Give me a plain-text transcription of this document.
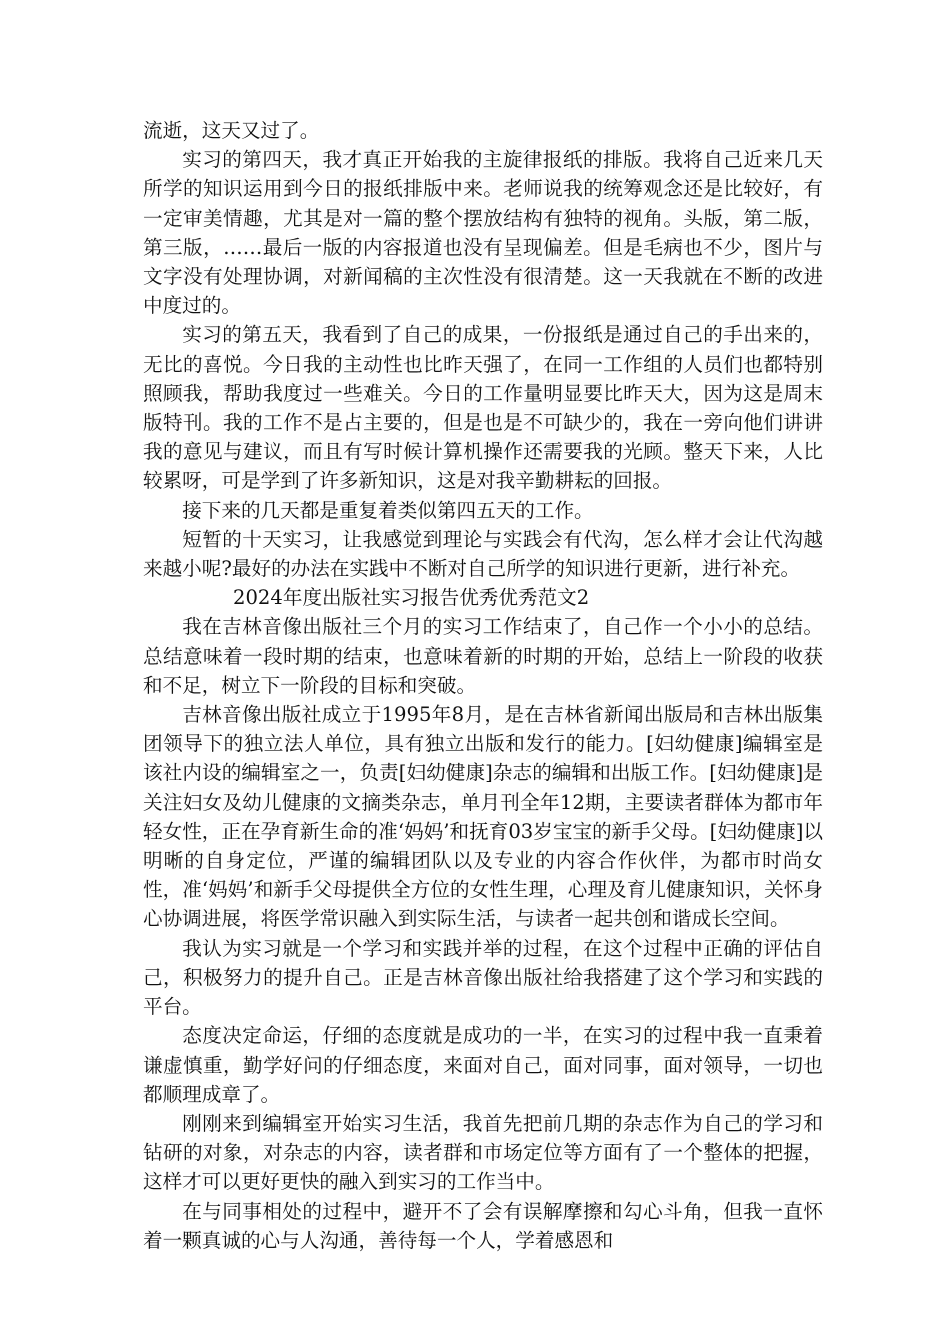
流逝，这天又过了。

实习的第四天，我才真正开始我的主旋律报纸的排版。我将自己近来几天所学的知识运用到今日的报纸排版中来。老师说我的统筹观念还是比较好，有一定审美情趣，尤其是对一篇的整个摆放结构有独特的视角。头版，第二版，第三版，……最后一版的内容报道也没有呈现偏差。但是毛病也不少，图片与文字没有处理协调，对新闻稿的主次性没有很清楚。这一天我就在不断的改进中度过的。

实习的第五天，我看到了自己的成果，一份报纸是通过自己的手出来的，无比的喜悦。今日我的主动性也比昨天强了，在同一工作组的人员们也都特别照顾我，帮助我度过一些难关。今日的工作量明显要比昨天大，因为这是周末版特刊。我的工作不是占主要的，但是也是不可缺少的，我在一旁向他们讲讲我的意见与建议，而且有写时候计算机操作还需要我的光顾。整天下来，人比较累呀，可是学到了许多新知识，这是对我辛勤耕耘的回报。

接下来的几天都是重复着类似第四五天的工作。

短暂的十天实习，让我感觉到理论与实践会有代沟，怎么样才会让代沟越来越小呢?最好的办法在实践中不断对自己所学的知识进行更新，进行补充。

2024年度出版社实习报告优秀优秀范文2

我在吉林音像出版社三个月的实习工作结束了，自己作一个小小的总结。总结意味着一段时期的结束，也意味着新的时期的开始，总结上一阶段的收获和不足，树立下一阶段的目标和突破。

吉林音像出版社成立于1995年8月，是在吉林省新闻出版局和吉林出版集团领导下的独立法人单位，具有独立出版和发行的能力。[妇幼健康]编辑室是该社内设的编辑室之一，负责[妇幼健康]杂志的编辑和出版工作。[妇幼健康]是关注妇女及幼儿健康的文摘类杂志，单月刊全年12期，主要读者群体为都市年轻女性，正在孕育新生命的准‘妈妈’和抚育03岁宝宝的新手父母。[妇幼健康]以明晰的自身定位，严谨的编辑团队以及专业的内容合作伙伴，为都市时尚女性，准‘妈妈’和新手父母提供全方位的女性生理，心理及育儿健康知识，关怀身心协调进展，将医学常识融入到实际生活，与读者一起共创和谐成长空间。

我认为实习就是一个学习和实践并举的过程，在这个过程中正确的评估自己，积极努力的提升自己。正是吉林音像出版社给我搭建了这个学习和实践的平台。

态度决定命运，仔细的态度就是成功的一半，在实习的过程中我一直秉着谦虚慎重，勤学好问的仔细态度，来面对自己，面对同事，面对领导，一切也都顺理成章了。

刚刚来到编辑室开始实习生活，我首先把前几期的杂志作为自己的学习和钻研的对象，对杂志的内容，读者群和市场定位等方面有了一个整体的把握，这样才可以更好更快的融入到实习的工作当中。

在与同事相处的过程中，避开不了会有误解摩擦和勾心斗角，但我一直怀着一颗真诚的心与人沟通，善待每一个人，学着感恩和
